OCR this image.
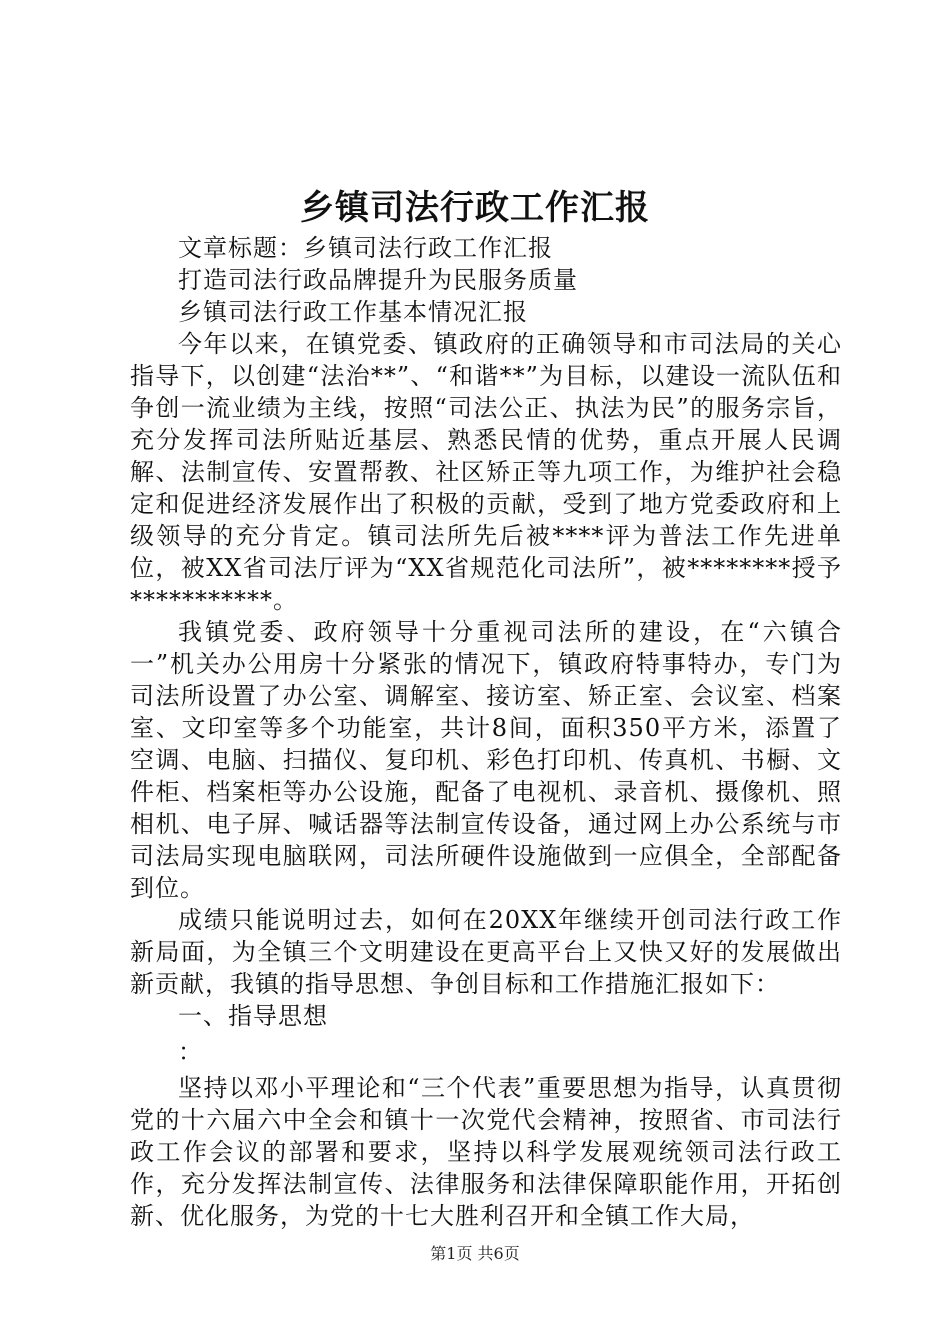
乡镇司法行政工作汇报

文章标题：乡镇司法行政工作汇报

打造司法行政品牌提升为民服务质量

乡镇司法行政工作基本情况汇报

今年以来，在镇党委、镇政府的正确领导和市司法局的关心指导下，以创建“法治**”、“和谐**”为目标，以建设一流队伍和争创一流业绩为主线，按照“司法公正、执法为民”的服务宗旨，充分发挥司法所贴近基层、熟悉民情的优势，重点开展人民调解、法制宣传、安置帮教、社区矫正等九项工作，为维护社会稳定和促进经济发展作出了积极的贡献，受到了地方党委政府和上级领导的充分肯定。镇司法所先后被****评为普法工作先进单位，被XX省司法厅评为“XX省规范化司法所”，被********授予***********。

我镇党委、政府领导十分重视司法所的建设，在“六镇合一”机关办公用房十分紧张的情况下，镇政府特事特办，专门为司法所设置了办公室、调解室、接访室、矫正室、会议室、档案室、文印室等多个功能室，共计8间，面积350平方米，添置了空调、电脑、扫描仪、复印机、彩色打印机、传真机、书橱、文件柜、档案柜等办公设施，配备了电视机、录音机、摄像机、照相机、电子屏、喊话器等法制宣传设备，通过网上办公系统与市司法局实现电脑联网，司法所硬件设施做到一应俱全，全部配备到位。

成绩只能说明过去，如何在20XX年继续开创司法行政工作新局面，为全镇三个文明建设在更高平台上又快又好的发展做出新贡献，我镇的指导思想、争创目标和工作措施汇报如下：

一、指导思想

：

坚持以邓小平理论和“三个代表”重要思想为指导，认真贯彻党的十六届六中全会和镇十一次党代会精神，按照省、市司法行政工作会议的部署和要求，坚持以科学发展观统领司法行政工作，充分发挥法制宣传、法律服务和法律保障职能作用，开拓创新、优化服务，为党的十七大胜利召开和全镇工作大局，

第1页 共6页
